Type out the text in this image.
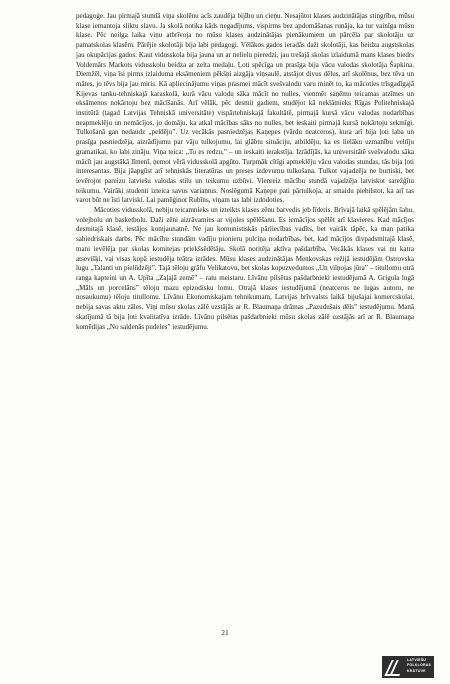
pedagoģe. Jau pirmajā stundā viņa skolēnu acīs zaudēja bijību un cieņu. Nesajūtot klases audzinātājas stingrību, mūsu klase iemantoja sliktu slavu. Ja skolā notika kāds negadījums, vispirms bez apdomāšanas runāja, ka tur vainīga mūsu klase. Pēc neilga laika viņu atbrīvoja no mūsu klases audzinātājas pienākumiem un pārcēla par skolotāju uz pamatskolas klasēm. Pārējie skolotāji bija labi pedagogi. Vēlākos gados ieradās daži skolotāji, kas beidza augstskolas jau okupācijas gados. Kaut vidusskola bija jauna un ar nelielu pieredzi, jau trešajā skolas izlaidumā mans klases biedrs Voldemārs Markots vidusskolu beidza ar zelta medaļu. Ļoti spēcīga un prasīga bija vācu valodas skolotāja Šapkina. Diemžēl, viņa īsi pirms izlaiduma eksāmeniem pēkšņi aizgāja viņsaulē, atstājot divus dēlus, arī skolēnus, bez tēva un mātes, jo tēvs bija jau miris. Kā apliecinājumu viņas prasmei mācīt svešvalodu varu minēt to, ka mācoties trīsgadīgajā Kijevas tanku-tehniskajā karaskolā, kurā vācu valodu sāka mācīt no nulles, vienmēr saņēmu teicamas atzīmes un eksāmenos nokārtoju bez mācīšanās. Arī vēlāk, pēc desmit gadiem, studējot kā neklātnieks Rīgas Politehniskajā institūtā (tagad Latvijas Tehniskā universitāte) vispārtehniskajā fakultātē, pirmajā kursā vācu valodas nodarbības neapmeklēju un nemācījos, jo domāju, ka atkal mācības sāks no nulles, bet ieskaiti pirmajā kursā nokārtoju sekmīgi. Tulkošanā gan nedaudz „peldēju”. Uz vecākās pasniedzējas Kaņepes (vārdu neatceros), kura arī bija ļoti laba un prasīga pasniedzēja, aizrādījumu par vāju tulkojumu, lai glābtu situāciju, atbildēju, ka es lielāku uzmanību veltīju gramatikai, ko labi zināju. Viņa teica: „To es redzu,” – un ieskaiti ierakstīja. Izrādījās, ka universitātē svešvalodu sāka mācīt jau augstākā līmenī, ņemot vērā vidusskolā apgūto. Turpmāk cītīgi apmeklēju vācu valodas stundas, tās bija ļoti interesantas. Bija jāapgūst arī tehniskās literatūras un preses izdevumu tulkošana. Tulkot vajadzēja ne burtiski, bet ievērojot pareizu latviešu valodas stilu un teikumu uzbūvi. Vienreiz mācību stundā vajadzēja latviskot sarežģītu teikumu. Vairāki studenti izteica savus variantus. Noslēgumā Kaņepe pati pārtulkoja, ar smaidu piebilstot, ka arī tas varot būt ne īsti latviski. Lai pamēģinot Rubīns, viņam tas labi izdodoties.

Mācoties vidusskolā, nebiju teicamnieks un izteikts klases zēnu barvedis jeb līderis. Brīvajā laikā spēlējām šahu, volejbolu un basketbolu. Daži zēni aizrāvamies ar vijoles spēlēšanu. Es iemācījos spēlēt arī klavieres. Kad mācījos desmitajā klasē, iestājos komjaunatnē. Ne jau komunistiskās pārliecības vadīts, bet vairāk tāpēc, ka man patika sabiedriskais darbs. Pēc mācību stundām vadīju pionieru pulciņa nodarbības, bet, kad mācījos divpadsmitajā klasē, mani ievēlēja par skolas komitejas priekšsēdētāju. Skolā noritēja aktīva pašdarbība. Vecākās klases vai nu katra atsevišķi, vai visas kopā iestudēja teātra izrādes. Mūsu klases audzinātājas Menkovskas režijā iestudējām Ostrovska lugu „Talanti un pielūdzēji”. Tajā tēloju grāfu Velikatovu, bet skolas kopuzvedumos „Un vilņojas jūra” – titullomu otrā ranga kapteini un A. Upīta „Zaļajā zemē” – ratu meistaru. Līvānu pilsētas pašdarbnieki iestudējumā A. Grigula lugā „Māls un porcelāns” tēloju mazu epizodisku lomu. Otrajā klases iestudējumā (neatceros ne lugas autoru, ne nosaukumu) tēloju titullomu. Līvānu Ekonomiskajam tehnikumam, Latvijas brīvvalsts laikā bijušajai komercskolai, nebija savas aktu zāles. Viņi mūsu skolas zālē uzstājās ar R. Blaumaņa drāmas „Pazudušais dēls” iestudējumu. Manā skatījumā tā bija ļoti kvalitatīva izrāde. Līvānu pilsētas pašdarbnieki mūsu skolas zālē uzstājās arī ar R. Blaumaņa komēdijas „No saldenās pudeles” iestudējumu.

21
LATVIEŠU
FOLKLORAS
KRĀTUVE
